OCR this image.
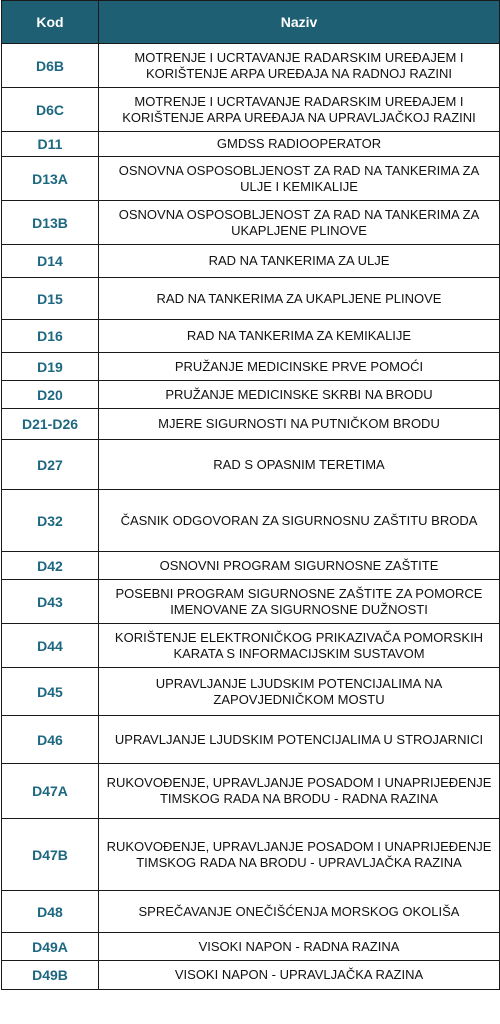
Kod	Naziv
D6B	MOTRENJE I UCRTAVANJE RADARSKIM UREĐAJEM I KORIŠTENJE ARPA UREĐAJA NA RADNOJ RAZINI
D6C	MOTRENJE I UCRTAVANJE RADARSKIM UREĐAJEM I KORIŠTENJE ARPA UREĐAJA NA UPRAVLJAČKOJ RAZINI
D11	GMDSS RADIOOPERATOR
D13A	OSNOVNA OSPOSOBLJENOST ZA RAD NA TANKERIMA ZA ULJE I KEMIKALIJE
D13B	OSNOVNA OSPOSOBLJENOST ZA RAD NA TANKERIMA ZA UKAPLJENE PLINOVE
D14	RAD NA TANKERIMA ZA ULJE
D15	RAD NA TANKERIMA ZA UKAPLJENE PLINOVE
D16	RAD NA TANKERIMA ZA KEMIKALIJE
D19	PRUŽANJE MEDICINSKE PRVE POMOĆI
D20	PRUŽANJE MEDICINSKE SKRBI NA BRODU
D21-D26	MJERE SIGURNOSTI NA PUTNIČKOM BRODU
D27	RAD S OPASNIM TERETIMA
D32	ČASNIK ODGOVORAN ZA SIGURNOSNU ZAŠTITU BRODA
D42	OSNOVNI PROGRAM SIGURNOSNE ZAŠTITE
D43	POSEBNI PROGRAM SIGURNOSNE ZAŠTITE ZA POMORCE IMENOVANE ZA SIGURNOSNE DUŽNOSTI
D44	KORIŠTENJE ELEKTRONIČKOG PRIKAZIVAČA POMORSKIH KARATA S INFORMACIJSKIM SUSTAVOM
D45	UPRAVLJANJE LJUDSKIM POTENCIJALIMA NA ZAPOVJEDNIČKOM MOSTU
D46	UPRAVLJANJE LJUDSKIM POTENCIJALIMA U STROJARNICI
D47A	RUKOVOĐENJE, UPRAVLJANJE POSADOM I UNAPRIJEĐENJE TIMSKOG RADA NA BRODU - RADNA RAZINA
D47B	RUKOVOĐENJE, UPRAVLJANJE POSADOM I UNAPRIJEĐENJE TIMSKOG RADA NA BRODU - UPRAVLJAČKA RAZINA
D48	SPREČAVANJE ONEČIŠĆENJA MORSKOG OKOLIŠA
D49A	VISOKI NAPON - RADNA RAZINA
D49B	VISOKI NAPON - UPRAVLJAČKA RAZINA
